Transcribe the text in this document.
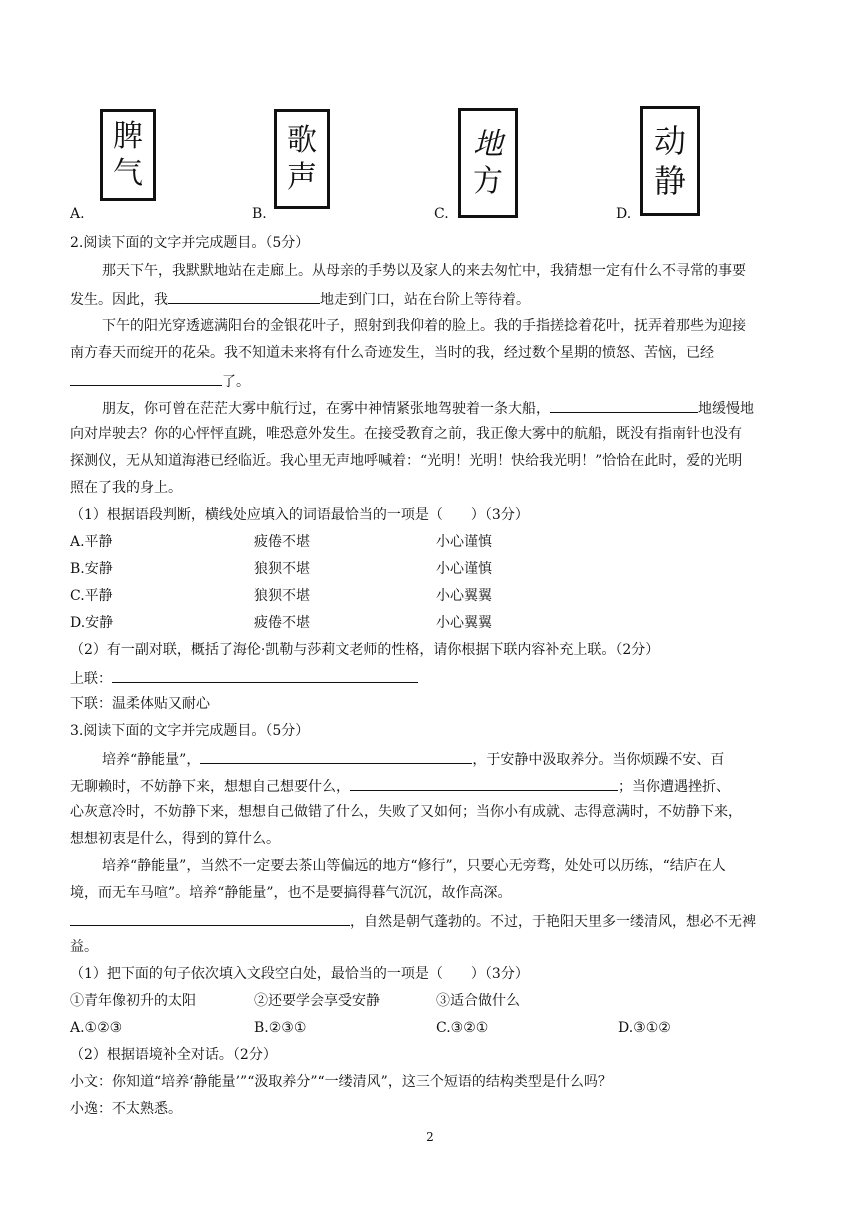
A.
脾
气
B.
歌
声
C.
地
方
D.
动
静
2.阅读下面的文字并完成题目。（5分）
那天下午，我默默地站在走廊上。从母亲的手势以及家人的来去匆忙中，我猜想一定有什么不寻常的事要
发生。因此，我	地走到门口，站在台阶上等待着。
下午的阳光穿透遮满阳台的金银花叶子，照射到我仰着的脸上。我的手指搓捻着花叶，抚弄着那些为迎接
南方春天而绽开的花朵。我不知道未来将有什么奇迹发生，当时的我，经过数个星期的愤怒、苦恼，已经
了。
朋友，你可曾在茫茫大雾中航行过，在雾中神情紧张地驾驶着一条大船，	地缓慢地
向对岸驶去？你的心怦怦直跳，唯恐意外发生。在接受教育之前，我正像大雾中的航船，既没有指南针也没有
探测仪，无从知道海港已经临近。我心里无声地呼喊着：“光明！光明！快给我光明！”恰恰在此时，爱的光明
照在了我的身上。
（1）根据语段判断，横线处应填入的词语最恰当的一项是（　　）（3分）
A.平静	疲倦不堪	小心谨慎
B.安静	狼狈不堪	小心谨慎
C.平静	狼狈不堪	小心翼翼
D.安静	疲倦不堪	小心翼翼
（2）有一副对联，概括了海伦·凯勒与莎莉文老师的性格，请你根据下联内容补充上联。（2分）
上联：
下联：温柔体贴又耐心
3.阅读下面的文字并完成题目。（5分）
培养“静能量”，	，于安静中汲取养分。当你烦躁不安、百
无聊赖时，不妨静下来，想想自己想要什么，	；当你遭遇挫折、
心灰意冷时，不妨静下来，想想自己做错了什么，失败了又如何；当你小有成就、志得意满时，不妨静下来，
想想初衷是什么，得到的算什么。
培养“静能量”，当然不一定要去茶山等偏远的地方“修行”，只要心无旁骛，处处可以历练，“结庐在人
境，而无车马喧”。培养“静能量”，也不是要搞得暮气沉沉，故作高深。
，自然是朝气蓬勃的。不过，于艳阳天里多一缕清风，想必不无裨
益。
（1）把下面的句子依次填入文段空白处，最恰当的一项是（　　）（3分）
①青年像初升的太阳	②还要学会享受安静	③适合做什么
A.①②③	B.②③①	C.③②①	D.③①②
（2）根据语境补全对话。（2分）
小文：你知道“培养‘静能量’”“汲取养分”“一缕清风”，这三个短语的结构类型是什么吗？
小逸：不太熟悉。
2
